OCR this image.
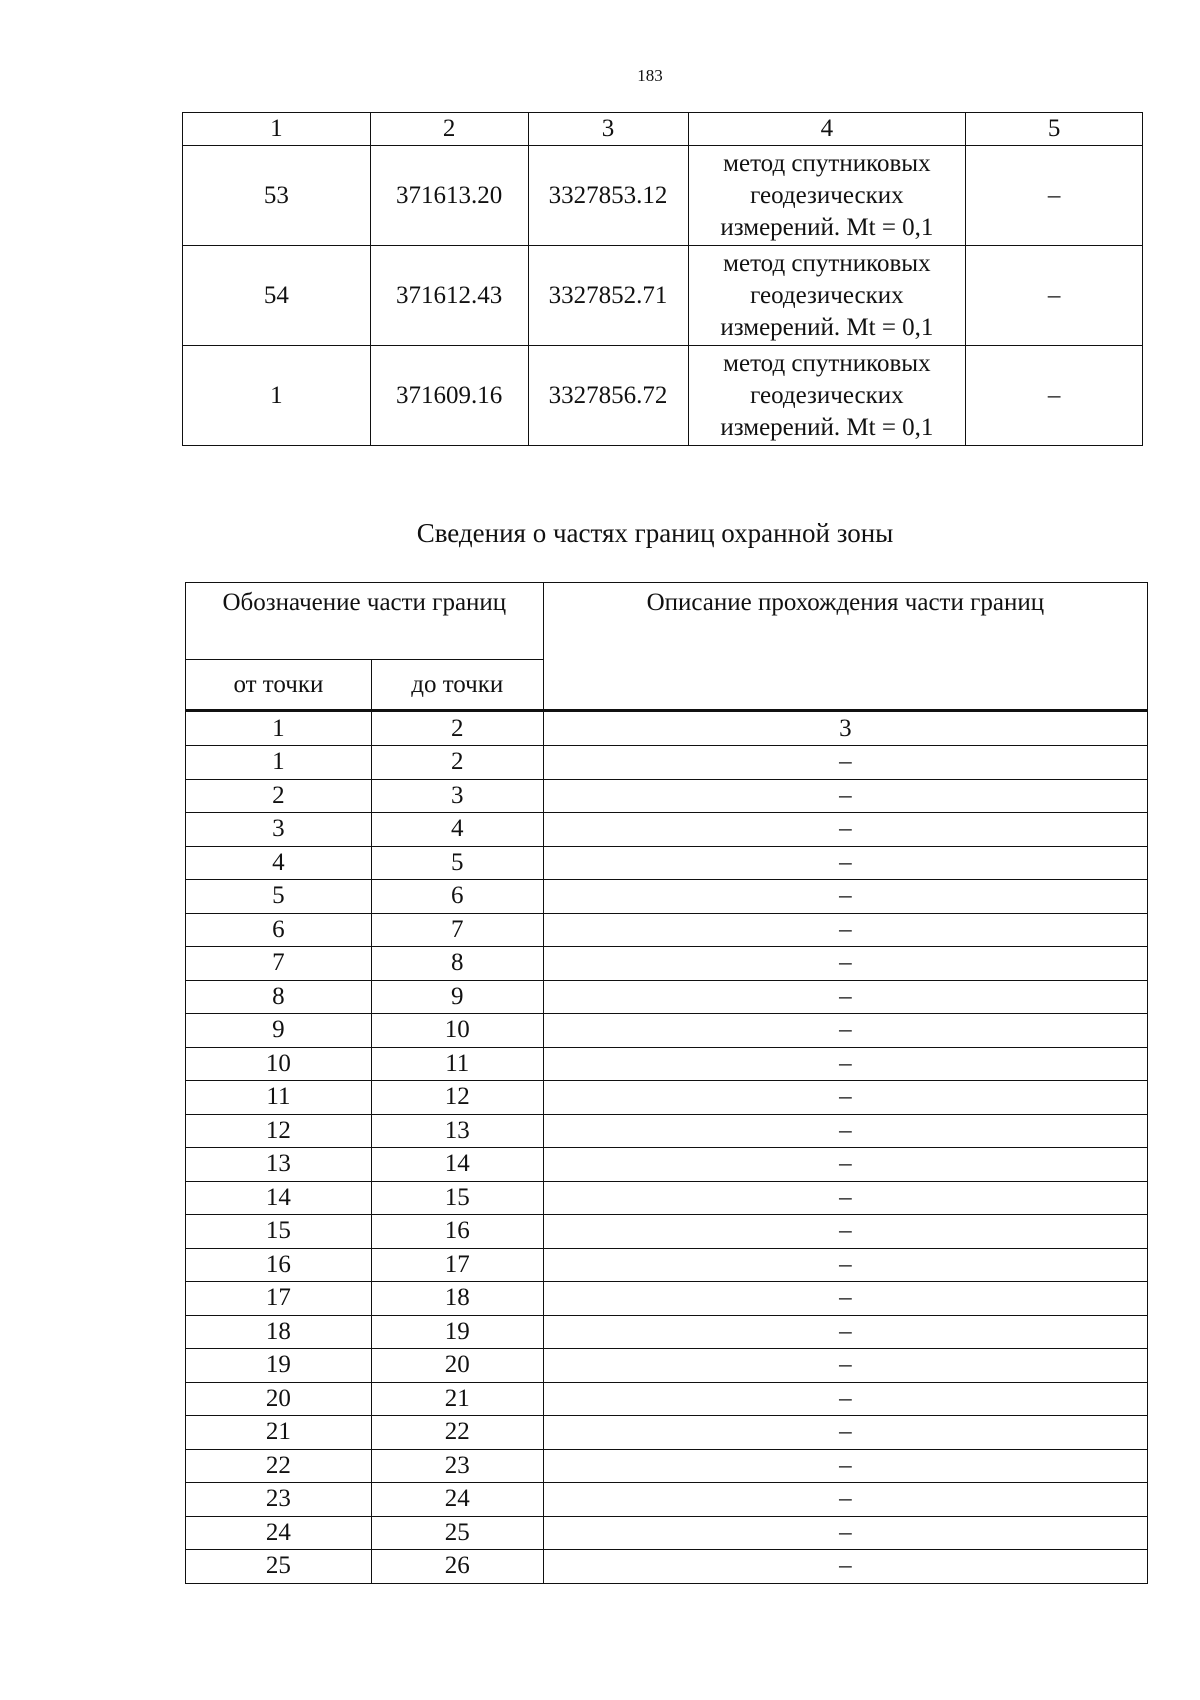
183
1	2	3	4	5
53	371613.20	3327853.12	метод спутниковых
геодезических
измерений. Mt = 0,1	–
54	371612.43	3327852.71	метод спутниковых
геодезических
измерений. Mt = 0,1	–
1	371609.16	3327856.72	метод спутниковых
геодезических
измерений. Mt = 0,1	–
Сведения о частях границ охранной зоны
Обозначение части границ		Описание прохождения части границ
от точки	до точки	
1	2	3
1	2	–
2	3	–
3	4	–
4	5	–
5	6	–
6	7	–
7	8	–
8	9	–
9	10	–
10	11	–
11	12	–
12	13	–
13	14	–
14	15	–
15	16	–
16	17	–
17	18	–
18	19	–
19	20	–
20	21	–
21	22	–
22	23	–
23	24	–
24	25	–
25	26	–
